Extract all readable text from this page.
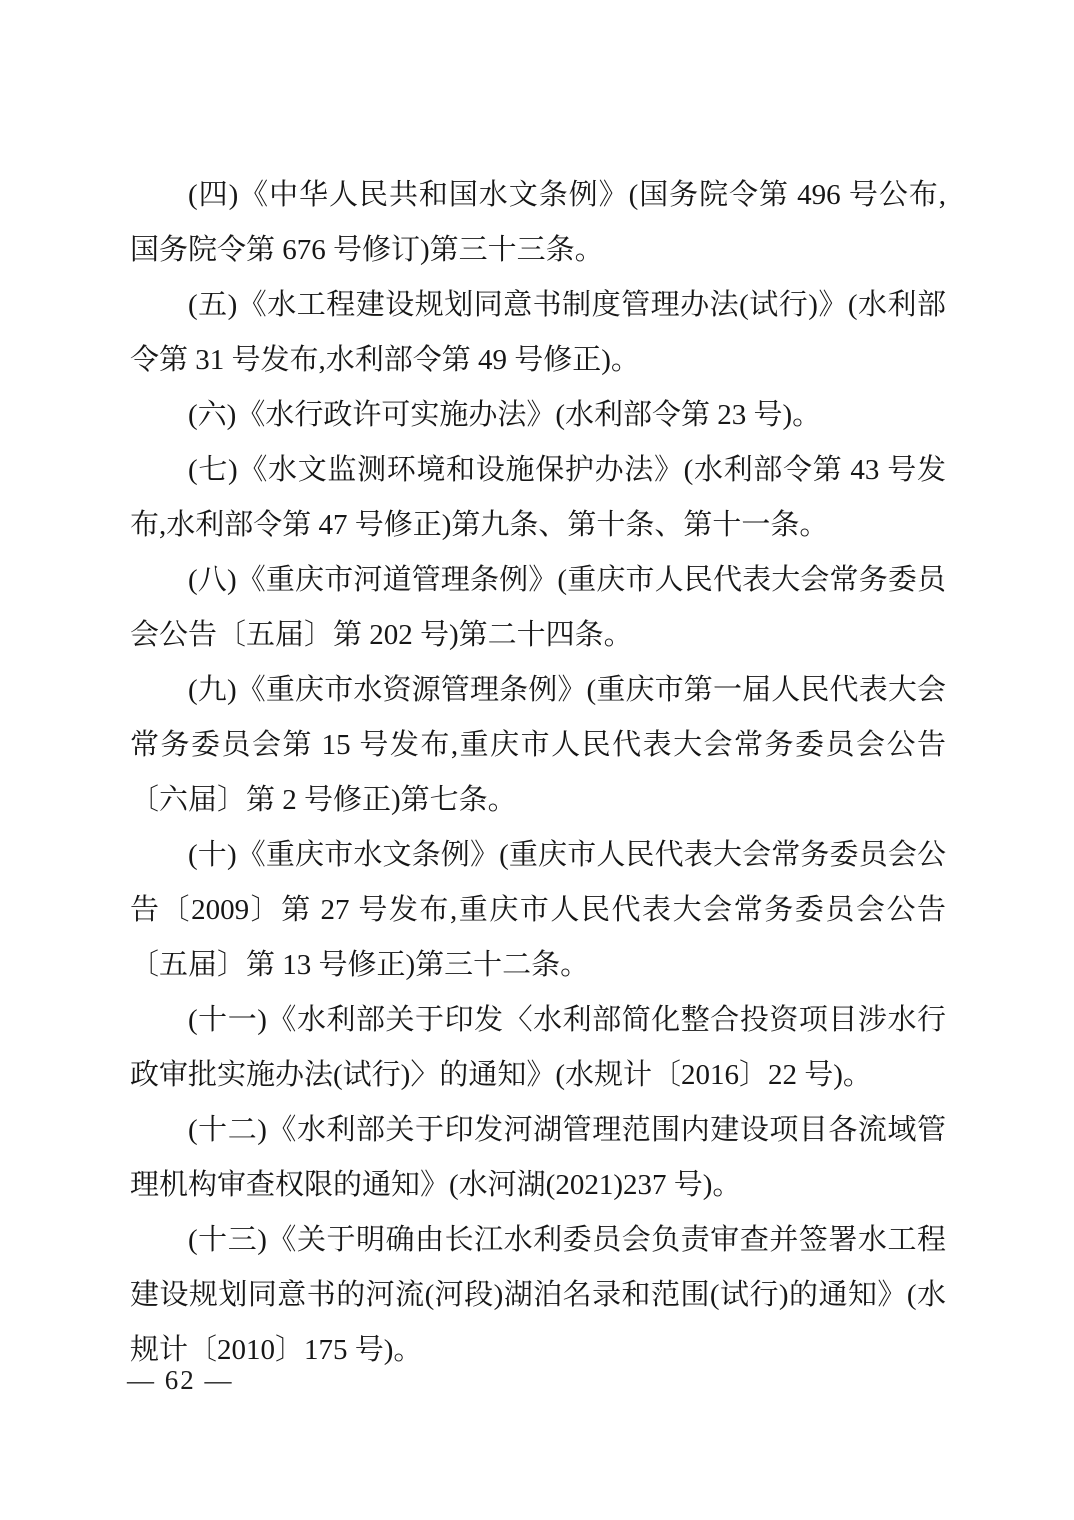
(四)《中华人民共和国水文条例》(国务院令第 496 号公布,国务院令第 676 号修订)第三十三条。

(五)《水工程建设规划同意书制度管理办法(试行)》(水利部令第 31 号发布,水利部令第 49 号修正)。

(六)《水行政许可实施办法》(水利部令第 23 号)。

(七)《水文监测环境和设施保护办法》(水利部令第 43 号发布,水利部令第 47 号修正)第九条、第十条、第十一条。

(八)《重庆市河道管理条例》(重庆市人民代表大会常务委员会公告〔五届〕第 202 号)第二十四条。

(九)《重庆市水资源管理条例》(重庆市第一届人民代表大会常务委员会第 15 号发布,重庆市人民代表大会常务委员会公告〔六届〕第 2 号修正)第七条。

(十)《重庆市水文条例》(重庆市人民代表大会常务委员会公告〔2009〕第 27 号发布,重庆市人民代表大会常务委员会公告〔五届〕第 13 号修正)第三十二条。

(十一)《水利部关于印发〈水利部简化整合投资项目涉水行政审批实施办法(试行)〉的通知》(水规计〔2016〕22 号)。

(十二)《水利部关于印发河湖管理范围内建设项目各流域管理机构审查权限的通知》(水河湖(2021)237 号)。

(十三)《关于明确由长江水利委员会负责审查并签署水工程建设规划同意书的河流(河段)湖泊名录和范围(试行)的通知》(水规计〔2010〕175 号)。

— 62 —
